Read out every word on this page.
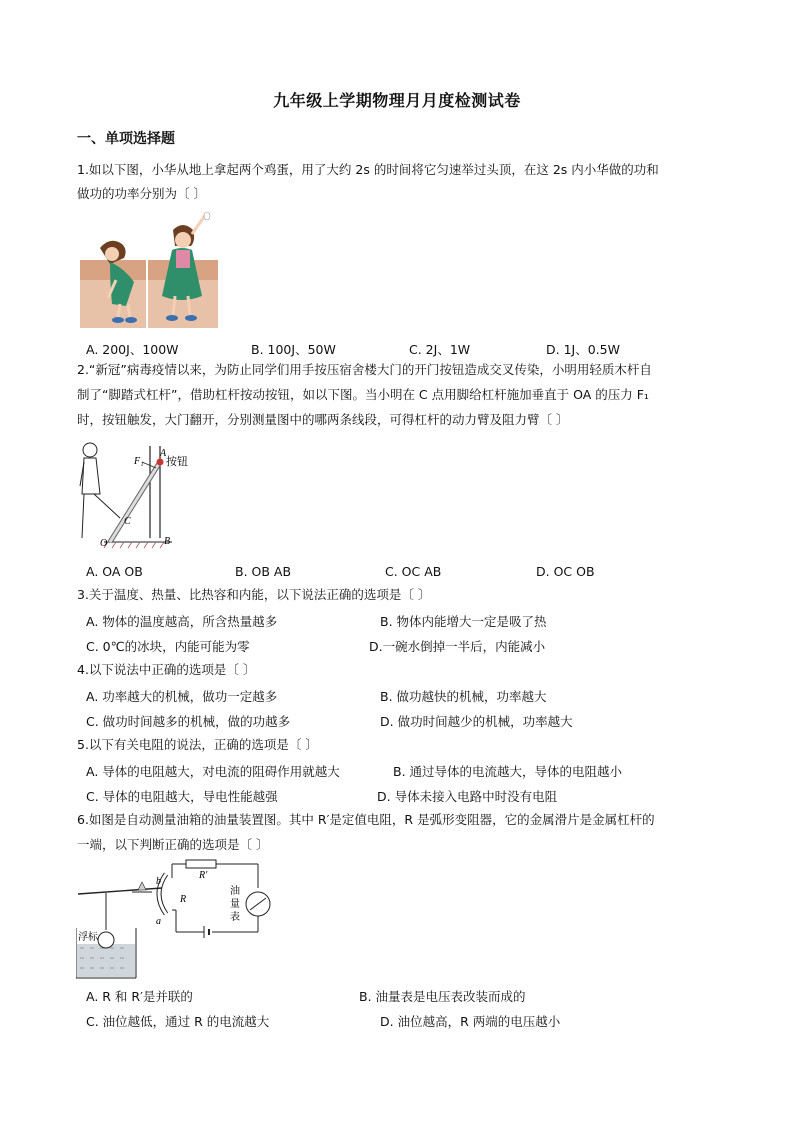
九年级上学期物理月月度检测试卷
一、单项选择题
1.如以下图，小华从地上拿起两个鸡蛋，用了大约 2s 的时间将它匀速举过头顶，在这 2s 内小华做的功和
做功的功率分别为〔 〕
A. 200J、100W	B. 100J、50W	C. 2J、1W	D. 1J、0.5W
2.“新冠”病毒疫情以来，为防止同学们用手按压宿舍楼大门的开门按钮造成交叉传染，小明用轻质木杆自
制了“脚踏式杠杆”，借助杠杆按动按钮，如以下图。当小明在 C 点用脚给杠杆施加垂直于 OA 的压力 F₁
时，按钮触发，大门翻开，分别测量图中的哪两条线段，可得杠杆的动力臂及阻力臂〔 〕
F₁
A
按钮
C
O	B
A. OA OB	B. OB AB	C. OC AB	D. OC OB
3.关于温度、热量、比热容和内能，以下说法正确的选项是〔 〕
A. 物体的温度越高，所含热量越多	B. 物体内能增大一定是吸了热
C. 0℃的冰块，内能可能为零	D.一碗水倒掉一半后，内能减小
4.以下说法中正确的选项是〔 〕
A. 功率越大的机械，做功一定越多	B. 做功越快的机械，功率越大
C. 做功时间越多的机械，做的功越多	D. 做功时间越少的机械，功率越大
5.以下有关电阻的说法，正确的选项是〔 〕
A. 导体的电阻越大，对电流的阻碍作用就越大	B. 通过导体的电流越大，导体的电阻越小
C. 导体的电阻越大，导电性能越强	D. 导体未接入电路中时没有电阻
6.如图是自动测量油箱的油量装置图。其中 R′是定值电阻，R 是弧形变阻器，它的金属滑片是金属杠杆的
一端，以下判断正确的选项是〔 〕
R′
R
b
a
油
量
表
浮标
A. R 和 R′是并联的	B. 油量表是电压表改装而成的
C. 油位越低，通过 R 的电流越大	D. 油位越高，R 两端的电压越小
